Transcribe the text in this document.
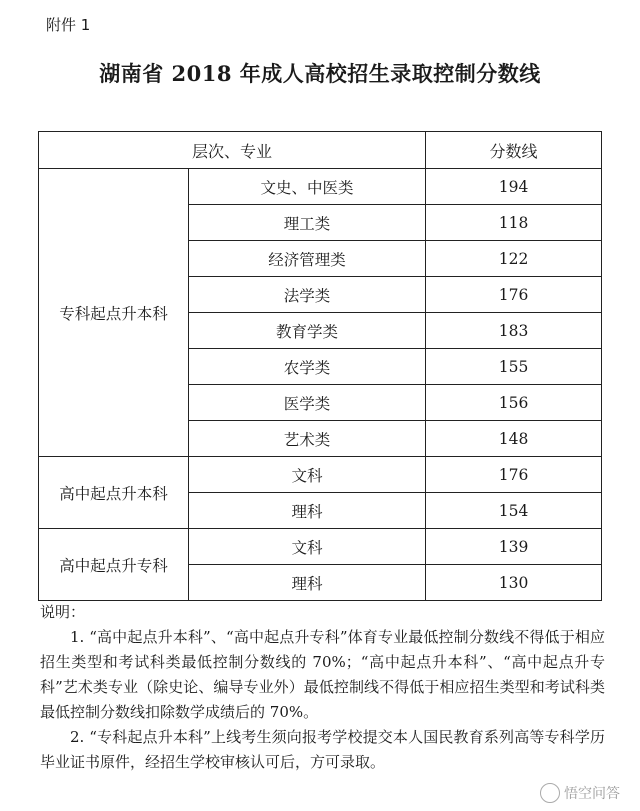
附件 1
湖南省 2018 年成人高校招生录取控制分数线
层次、专业		分数线
专科起点升本科	文史、中医类	194
	理工类	118
	经济管理类	122
	法学类	176
	教育学类	183
	农学类	155
	医学类	156
	艺术类	148
高中起点升本科	文科	176
	理科	154
高中起点升专科	文科	139
	理科	130

说明：

1. “高中起点升本科”、“高中起点升专科”体育专业最低控制分数线不得低于相应招生类型和考试科类最低控制分数线的 70%；“高中起点升本科”、“高中起点升专科”艺术类专业（除史论、编导专业外）最低控制线不得低于相应招生类型和考试科类最低控制分数线扣除数学成绩后的 70%。

2. “专科起点升本科”上线考生须向报考学校提交本人国民教育系列高等专科学历毕业证书原件，经招生学校审核认可后，方可录取。

悟空问答
